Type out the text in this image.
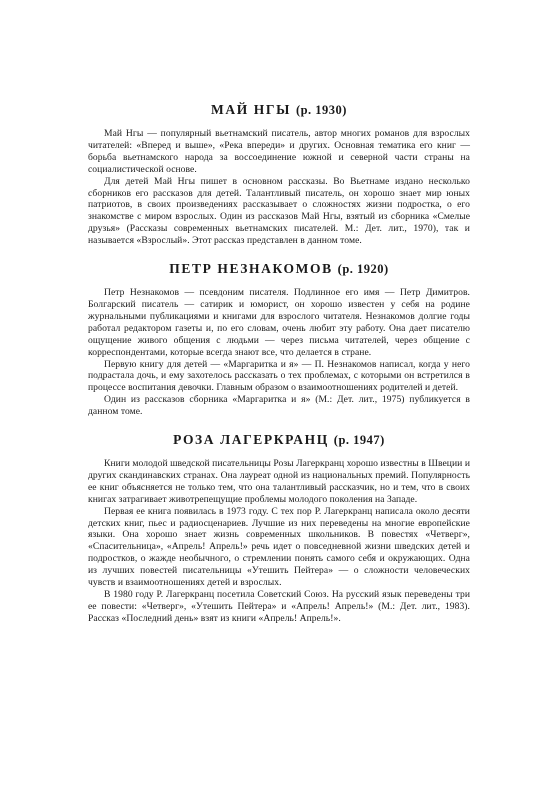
МАЙ НГЫ (р. 1930)

Май Нгы — популярный вьетнамский писатель, автор многих романов для взрослых читателей: «Вперед и выше», «Река впереди» и других. Основная тематика его книг — борьба вьетнамского народа за воссоединение южной и северной части страны на социалистической основе.

Для детей Май Нгы пишет в основном рассказы. Во Вьетнаме издано несколько сборников его рассказов для детей. Талантливый писатель, он хорошо знает мир юных патриотов, в своих произведениях рассказывает о сложностях жизни подростка, о его знакомстве с миром взрослых. Один из рассказов Май Нгы, взятый из сборника «Смелые друзья» (Рассказы современных вьетнамских писателей. М.: Дет. лит., 1970), так и называется «Взрослый». Этот рассказ представлен в данном томе.

ПЕТР НЕЗНАКОМОВ (р. 1920)

Петр Незнакомов — псевдоним писателя. Подлинное его имя — Петр Димитров. Болгарский писатель — сатирик и юморист, он хорошо известен у себя на родине журнальными публикациями и книгами для взрослого читателя. Незнакомов долгие годы работал редактором газеты и, по его словам, очень любит эту работу. Она дает писателю ощущение живого общения с людьми — через письма читателей, через общение с корреспондентами, которые всегда знают все, что делается в стране.

Первую книгу для детей — «Маргаритка и я» — П. Незнакомов написал, когда у него подрастала дочь, и ему захотелось рассказать о тех проблемах, с которыми он встретился в процессе воспитания девочки. Главным образом о взаимоотношениях родителей и детей.

Один из рассказов сборника «Маргаритка и я» (М.: Дет. лит., 1975) публикуется в данном томе.

РОЗА ЛАГЕРКРАНЦ (р. 1947)

Книги молодой шведской писательницы Розы Лагеркранц хорошо известны в Швеции и других скандинавских странах. Она лауреат одной из национальных премий. Популярность ее книг объясняется не только тем, что она талантливый рассказчик, но и тем, что в своих книгах затрагивает животрепещущие проблемы молодого поколения на Западе.

Первая ее книга появилась в 1973 году. С тех пор Р. Лагеркранц написала около десяти детских книг, пьес и радиосценариев. Лучшие из них переведены на многие европейские языки. Она хорошо знает жизнь современных школьников. В повестях «Четверг», «Спасительница», «Апрель! Апрель!» речь идет о повседневной жизни шведских детей и подростков, о жажде необычного, о стремлении понять самого себя и окружающих. Одна из лучших повестей писательницы «Утешить Пейтера» — о сложности человеческих чувств и взаимоотношениях детей и взрослых.

В 1980 году Р. Лагеркранц посетила Советский Союз. На русский язык переведены три ее повести: «Четверг», «Утешить Пейтера» и «Апрель! Апрель!» (М.: Дет. лит., 1983). Рассказ «Последний день» взят из книги «Апрель! Апрель!».
